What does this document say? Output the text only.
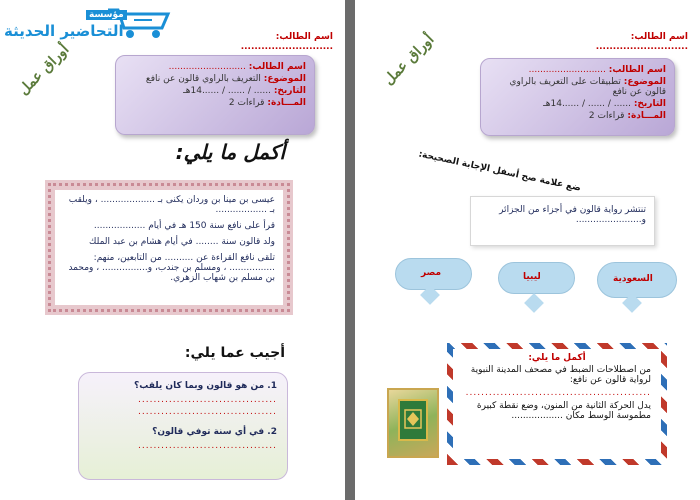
مؤسسة
التحاضير الحديثة	اسم الطالب: ...........................
أوراق عمل	اسم الطالب: ...........................
الموضوع: التعريف بالراوي قالون عن نافع
التاريخ: ...... / ...... / ......14هـ
المـــادة: قراءات 2
أكمل ما يلي:
عيسى بن مينا بن وردان يكنى بـ ................... ، ويلقب بـ ..................
قرأ على نافع سنة 150 هـ في أيام ..................
ولد قالون سنة ........ في أيام هشام بن عبد الملك
تلقى نافع القراءة عن .......... من التابعين، منهم: ................ ، ومسلم بن جندب، و................ ، ومحمد بن مسلم بن شهاب الزهري.
أجيب عما يلي:
1. من هو قالون وبما كان يلقب؟
....................................
....................................
2. في أي سنة توفي قالون؟
....................................
اسم الطالب: ...........................
أوراق عمل	اسم الطالب: ...........................
الموضوع: تطبيقات على التعريف بالراوي قالون عن نافع
التاريخ: ...... / ...... / ......14هـ
المـــادة: قراءات 2
ضع علامة صح أسفل الإجابة الصحيحة:
تنتشر رواية قالون في أجزاء من الجزائر و.......................
مصر	ليبيا	السعودية
أكمل ما يلي:
من اصطلاحات الضبط في مصحف المدينة النبوية لرواية قالون عن نافع:
................................................
يدل الحركة الثانية من المنون، وضع نقطة كبيرة مطموسة الوسط مكان ..................
